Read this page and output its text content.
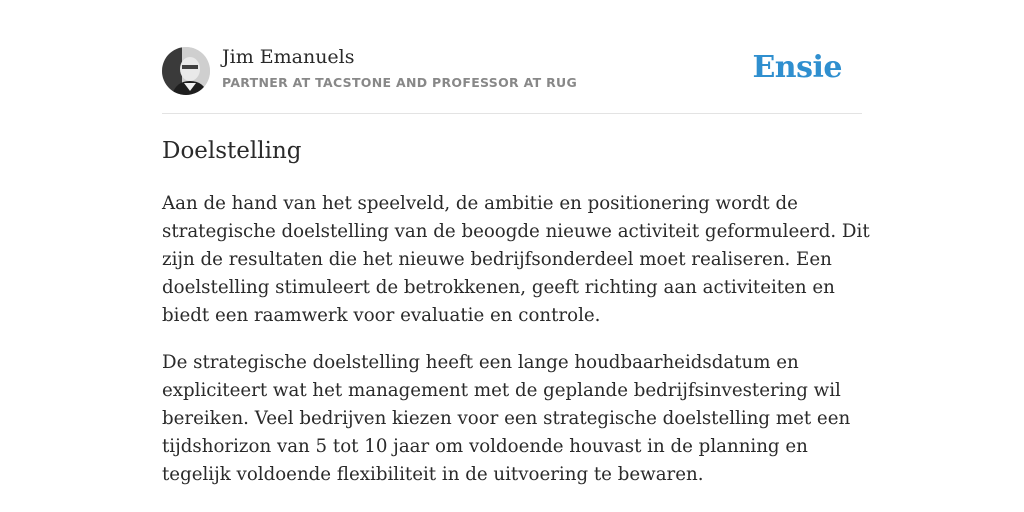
Jim Emanuels
PARTNER AT TACSTONE AND PROFESSOR AT RUG	Ensie
Doelstelling

Aan de hand van het speelveld, de ambitie en positionering wordt de strategische doelstelling van de beoogde nieuwe activiteit geformuleerd. Dit zijn de resultaten die het nieuwe bedrijfsonderdeel moet realiseren. Een doelstelling stimuleert de betrokkenen, geeft richting aan activiteiten en biedt een raamwerk voor evaluatie en controle.

De strategische doelstelling heeft een lange houdbaarheidsdatum en expliciteert wat het management met de geplande bedrijfsinvestering wil bereiken. Veel bedrijven kiezen voor een strategische doelstelling met een tijdshorizon van 5 tot 10 jaar om voldoende houvast in de planning en tegelijk voldoende flexibiliteit in de uitvoering te bewaren.
